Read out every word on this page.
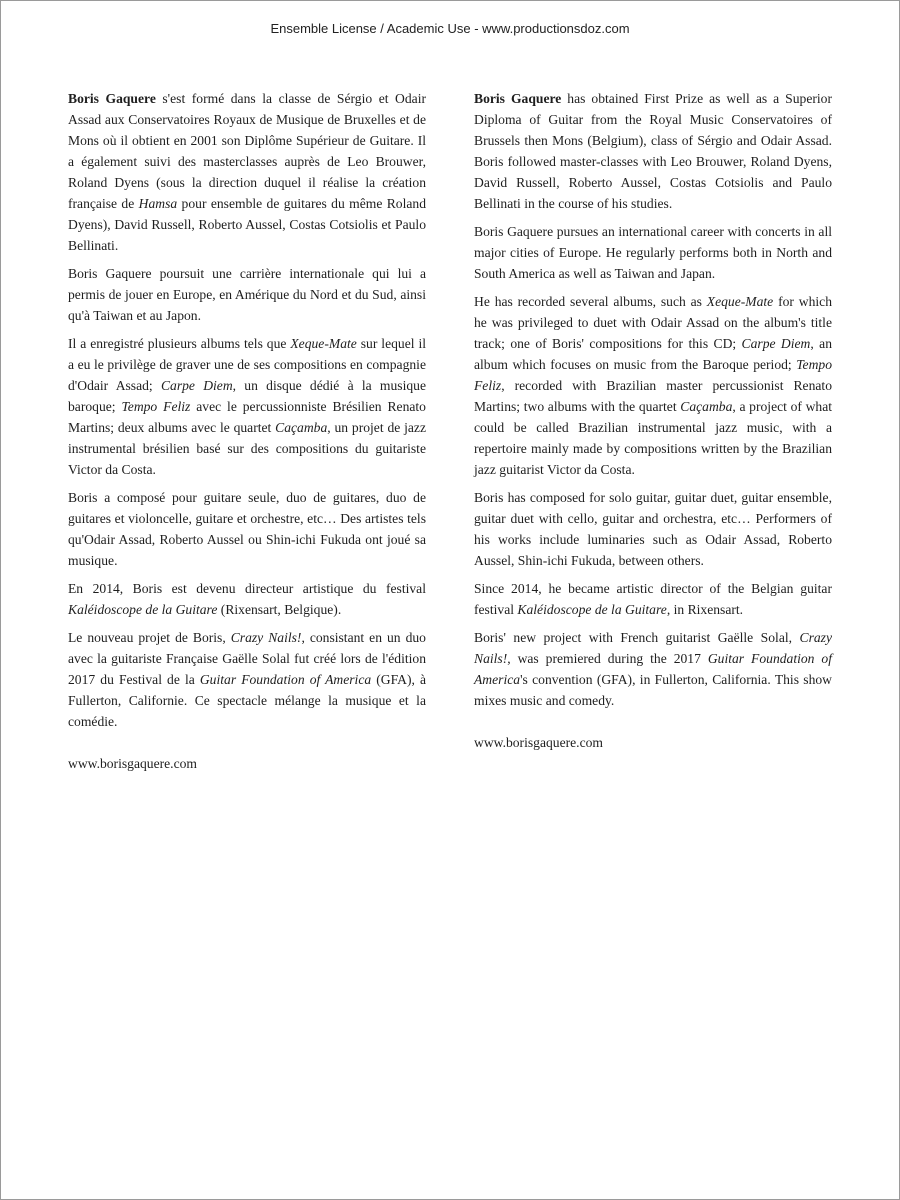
Ensemble License / Academic Use - www.productionsdoz.com

Boris Gaquere s'est formé dans la classe de Sérgio et Odair Assad aux Conservatoires Royaux de Musique de Bruxelles et de Mons où il obtient en 2001 son Diplôme Supérieur de Guitare. Il a également suivi des masterclasses auprès de Leo Brouwer, Roland Dyens (sous la direction duquel il réalise la création française de Hamsa pour ensemble de guitares du même Roland Dyens), David Russell, Roberto Aussel, Costas Cotsiolis et Paulo Bellinati.

Boris Gaquere poursuit une carrière internationale qui lui a permis de jouer en Europe, en Amérique du Nord et du Sud, ainsi qu'à Taiwan et au Japon.

Il a enregistré plusieurs albums tels que Xeque-Mate sur lequel il a eu le privilège de graver une de ses compositions en compagnie d'Odair Assad; Carpe Diem, un disque dédié à la musique baroque; Tempo Feliz avec le percussionniste Brésilien Renato Martins; deux albums avec le quartet Caçamba, un projet de jazz instrumental brésilien basé sur des compositions du guitariste Victor da Costa.

Boris a composé pour guitare seule, duo de guitares, duo de guitares et violoncelle, guitare et orchestre, etc… Des artistes tels qu'Odair Assad, Roberto Aussel ou Shin-ichi Fukuda ont joué sa musique.

En 2014, Boris est devenu directeur artistique du festival Kaléidoscope de la Guitare (Rixensart, Belgique).

Le nouveau projet de Boris, Crazy Nails!, consistant en un duo avec la guitariste Française Gaëlle Solal fut créé lors de l'édition 2017 du Festival de la Guitar Foundation of America (GFA), à Fullerton, Californie. Ce spectacle mélange la musique et la comédie.

www.borisgaquere.com

Boris Gaquere has obtained First Prize as well as a Superior Diploma of Guitar from the Royal Music Conservatoires of Brussels then Mons (Belgium), class of Sérgio and Odair Assad. Boris followed master-classes with Leo Brouwer, Roland Dyens, David Russell, Roberto Aussel, Costas Cotsiolis and Paulo Bellinati in the course of his studies.

Boris Gaquere pursues an international career with concerts in all major cities of Europe. He regularly performs both in North and South America as well as Taiwan and Japan.

He has recorded several albums, such as Xeque-Mate for which he was privileged to duet with Odair Assad on the album's title track; one of Boris' compositions for this CD; Carpe Diem, an album which focuses on music from the Baroque period; Tempo Feliz, recorded with Brazilian master percussionist Renato Martins; two albums with the quartet Caçamba, a project of what could be called Brazilian instrumental jazz music, with a repertoire mainly made by compositions written by the Brazilian jazz guitarist Victor da Costa.

Boris has composed for solo guitar, guitar duet, guitar ensemble, guitar duet with cello, guitar and orchestra, etc… Performers of his works include luminaries such as Odair Assad, Roberto Aussel, Shin-ichi Fukuda, between others.

Since 2014, he became artistic director of the Belgian guitar festival Kaléidoscope de la Guitare, in Rixensart.

Boris' new project with French guitarist Gaëlle Solal, Crazy Nails!, was premiered during the 2017 Guitar Foundation of America's convention (GFA), in Fullerton, California. This show mixes music and comedy.

www.borisgaquere.com
